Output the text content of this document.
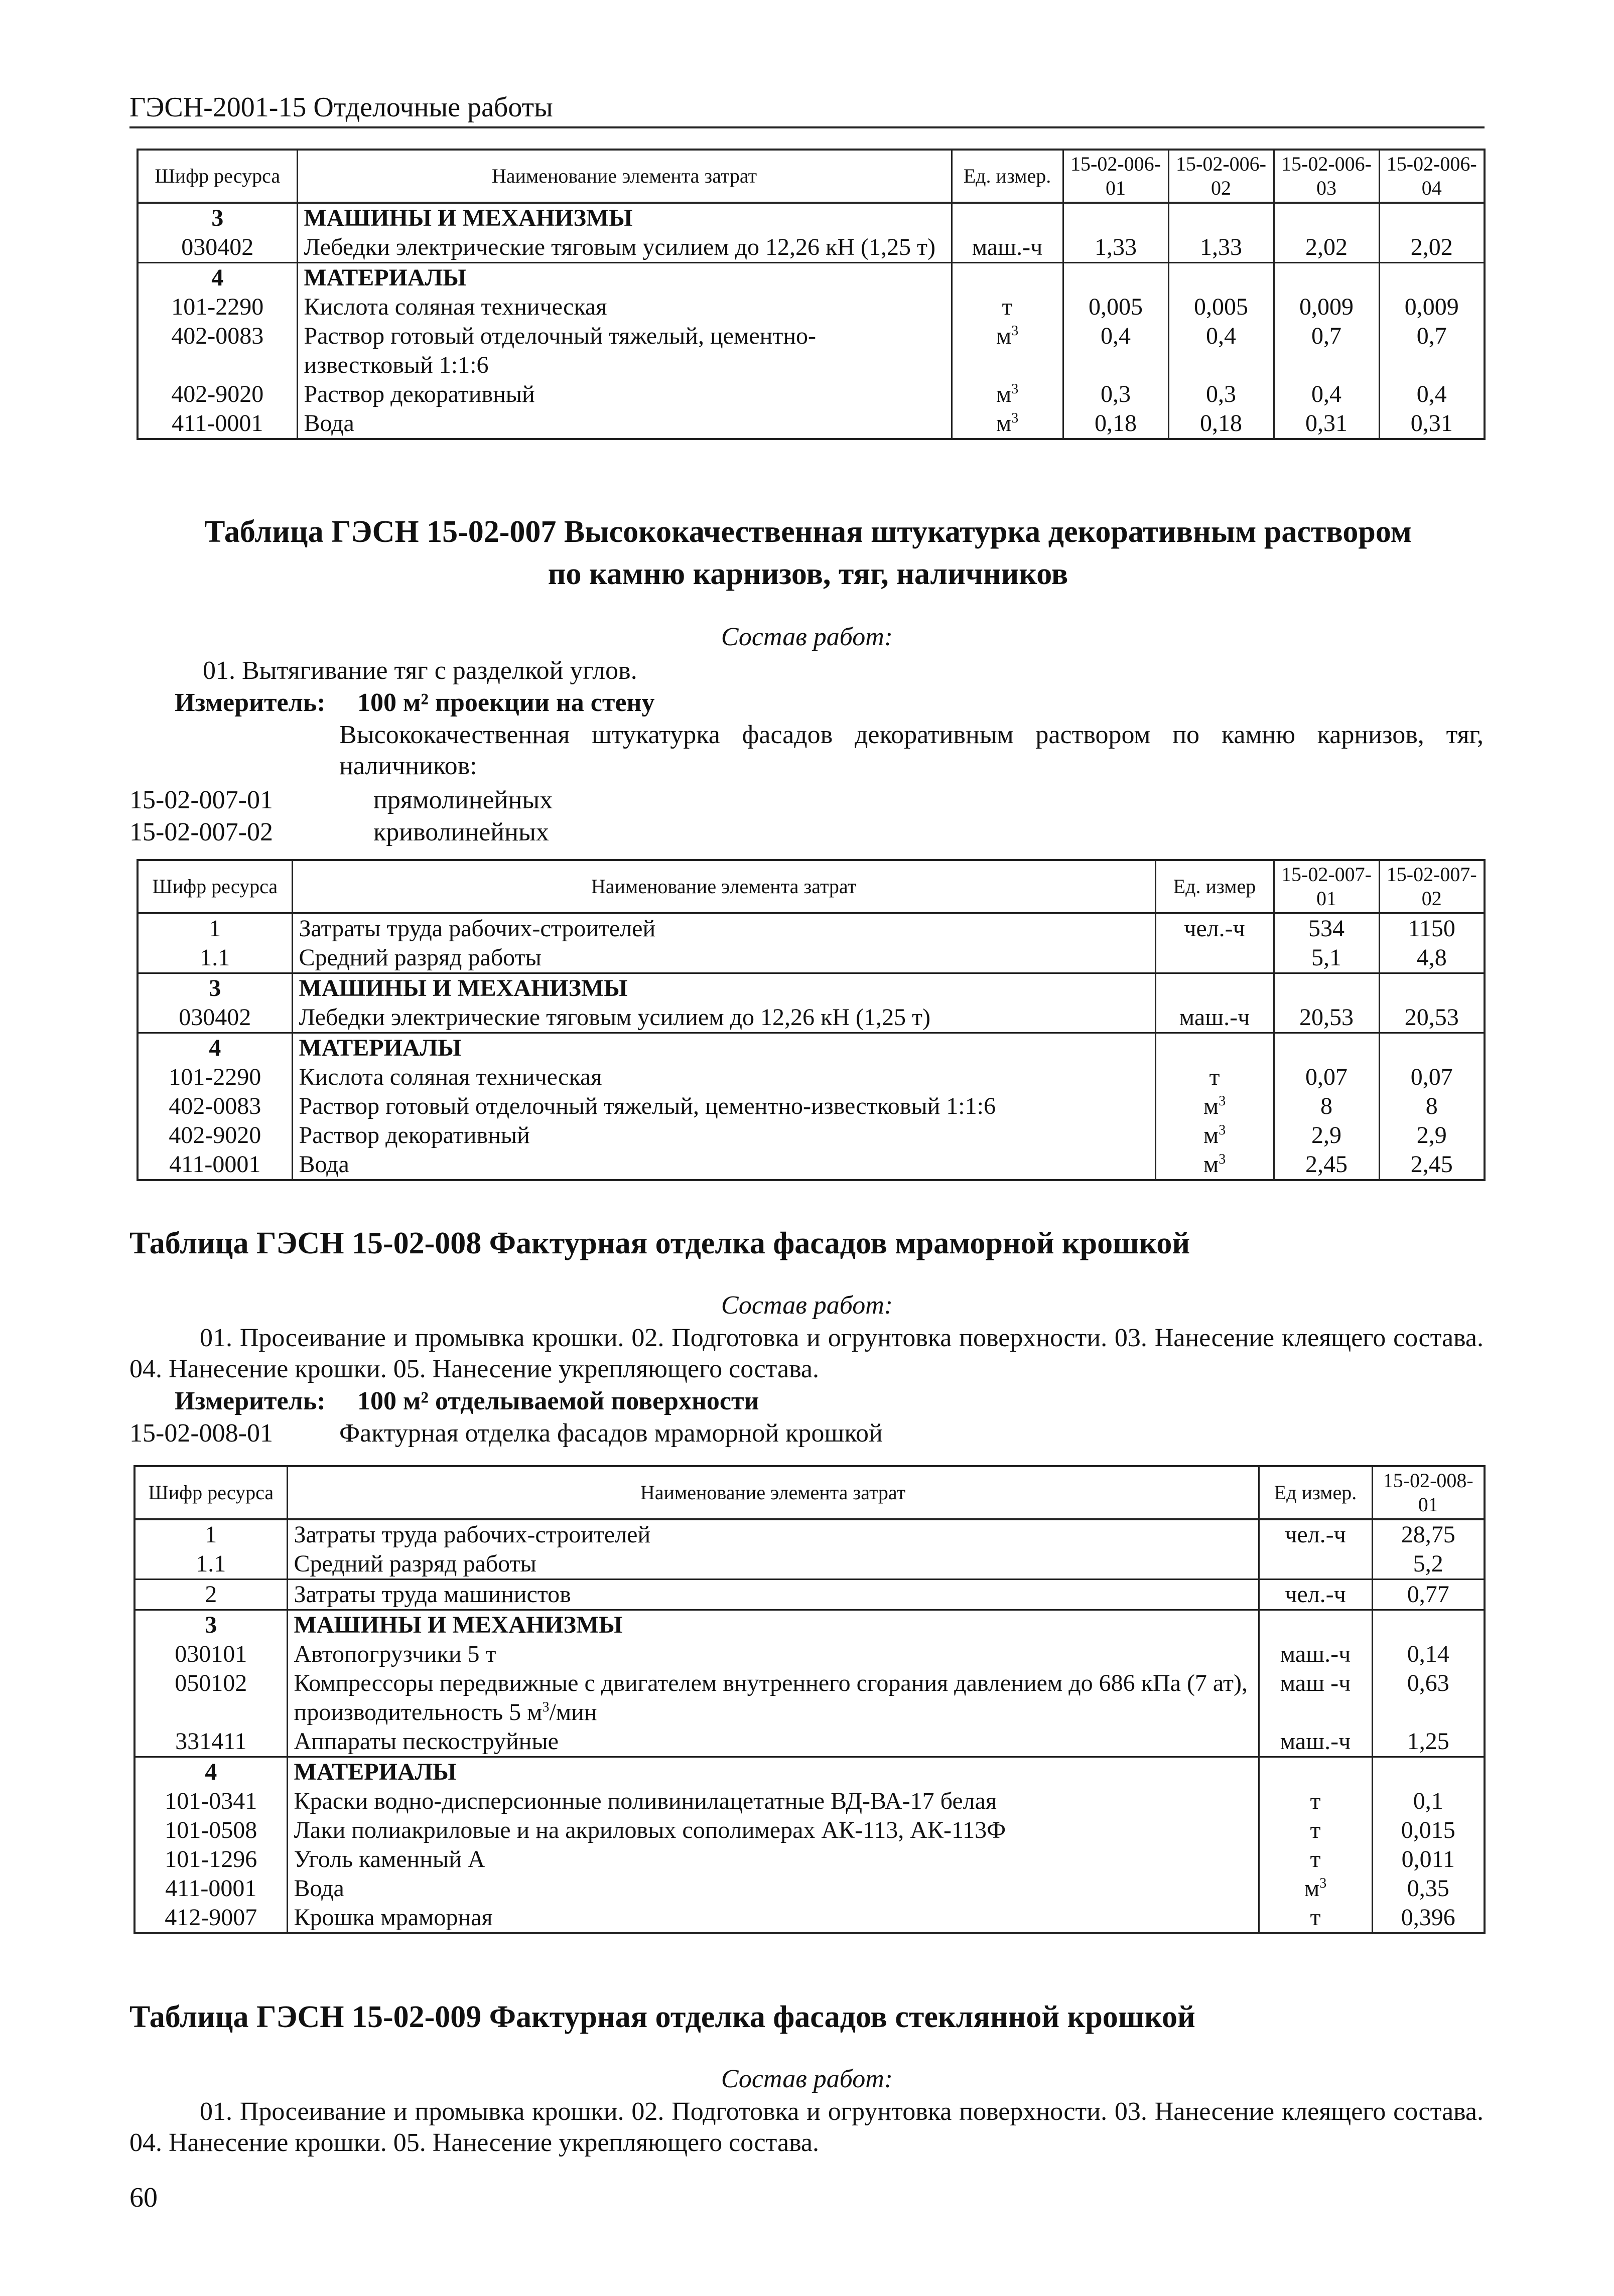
ГЭСН-2001-15 Отделочные работы
Шифр ресурса	Наименование элемента затрат	Ед. измер.	15-02-006-01	15-02-006-02	15-02-006-03	15-02-006-04
3	МАШИНЫ И МЕХАНИЗМЫ					
030402	Лебедки электрические тяговым усилием до 12,26 кН (1,25 т)	маш.-ч	1,33	1,33	2,02	2,02
4	МАТЕРИАЛЫ					
101-2290	Кислота соляная техническая	т	0,005	0,005	0,009	0,009
402-0083	Раствор готовый отделочный тяжелый, цементно-известковый 1:1:6	$м^3$	0,4	0,4	0,7	0,7
402-9020	Раствор декоративный	$м^3$	0,3	0,3	0,4	0,4
411-0001	Вода	$м^3$	0,18	0,18	0,31	0,31
Таблица ГЭСН 15-02-007 Высококачественная штукатурка декоративным раствором
по камню карнизов, тяг, наличников
Состав работ:
01. Вытягивание тяг с разделкой углов.
Измеритель: 100 м² проекции на стену
Высококачественная штукатурка фасадов декоративным раствором по камню карнизов, тяг, наличников:
15-02-007-01	прямолинейных
15-02-007-02	криволинейных
Шифр ресурса	Наименование элемента затрат	Ед. измер	15-02-007-01	15-02-007-02
1	Затраты труда рабочих-строителей	чел.-ч	534	1150
1.1	Средний разряд работы		5,1	4,8
3	МАШИНЫ И МЕХАНИЗМЫ			
030402	Лебедки электрические тяговым усилием до 12,26 кН (1,25 т)	маш.-ч	20,53	20,53
4	МАТЕРИАЛЫ			
101-2290	Кислота соляная техническая	т	0,07	0,07
402-0083	Раствор готовый отделочный тяжелый, цементно-известковый 1:1:6	$м^3$	8	8
402-9020	Раствор декоративный	$м^3$	2,9	2,9
411-0001	Вода	$м^3$	2,45	2,45
Таблица ГЭСН 15-02-008 Фактурная отделка фасадов мраморной крошкой
Состав работ:
01. Просеивание и промывка крошки. 02. Подготовка и огрунтовка поверхности. 03. Нанесение клеящего состава. 04. Нанесение крошки. 05. Нанесение укрепляющего состава.
Измеритель: 100 м² отделываемой поверхности
15-02-008-01	Фактурная отделка фасадов мраморной крошкой
Шифр ресурса	Наименование элемента затрат	Ед измер.	15-02-008-01
1	Затраты труда рабочих-строителей	чел.-ч	28,75
1.1	Средний разряд работы		5,2
2	Затраты труда машинистов	чел.-ч	0,77
3	МАШИНЫ И МЕХАНИЗМЫ		
030101	Автопогрузчики 5 т	маш.-ч	0,14
050102	Компрессоры передвижные с двигателем внутреннего сгорания давлением до 686 кПа (7 ат), производительность 5 $м^3$/мин	маш -ч	0,63
331411	Аппараты пескоструйные	маш.-ч	1,25
4	МАТЕРИАЛЫ		
101-0341	Краски водно-дисперсионные поливинилацетатные ВД-ВА-17 белая	т	0,1
101-0508	Лаки полиакриловые и на акриловых сополимерах АК-113, АК-113Ф	т	0,015
101-1296	Уголь каменный А	т	0,011
411-0001	Вода	$м^3$	0,35
412-9007	Крошка мраморная	т	0,396
Таблица ГЭСН 15-02-009 Фактурная отделка фасадов стеклянной крошкой
Состав работ:
01. Просеивание и промывка крошки. 02. Подготовка и огрунтовка поверхности. 03. Нанесение клеящего состава. 04. Нанесение крошки. 05. Нанесение укрепляющего состава.
60
